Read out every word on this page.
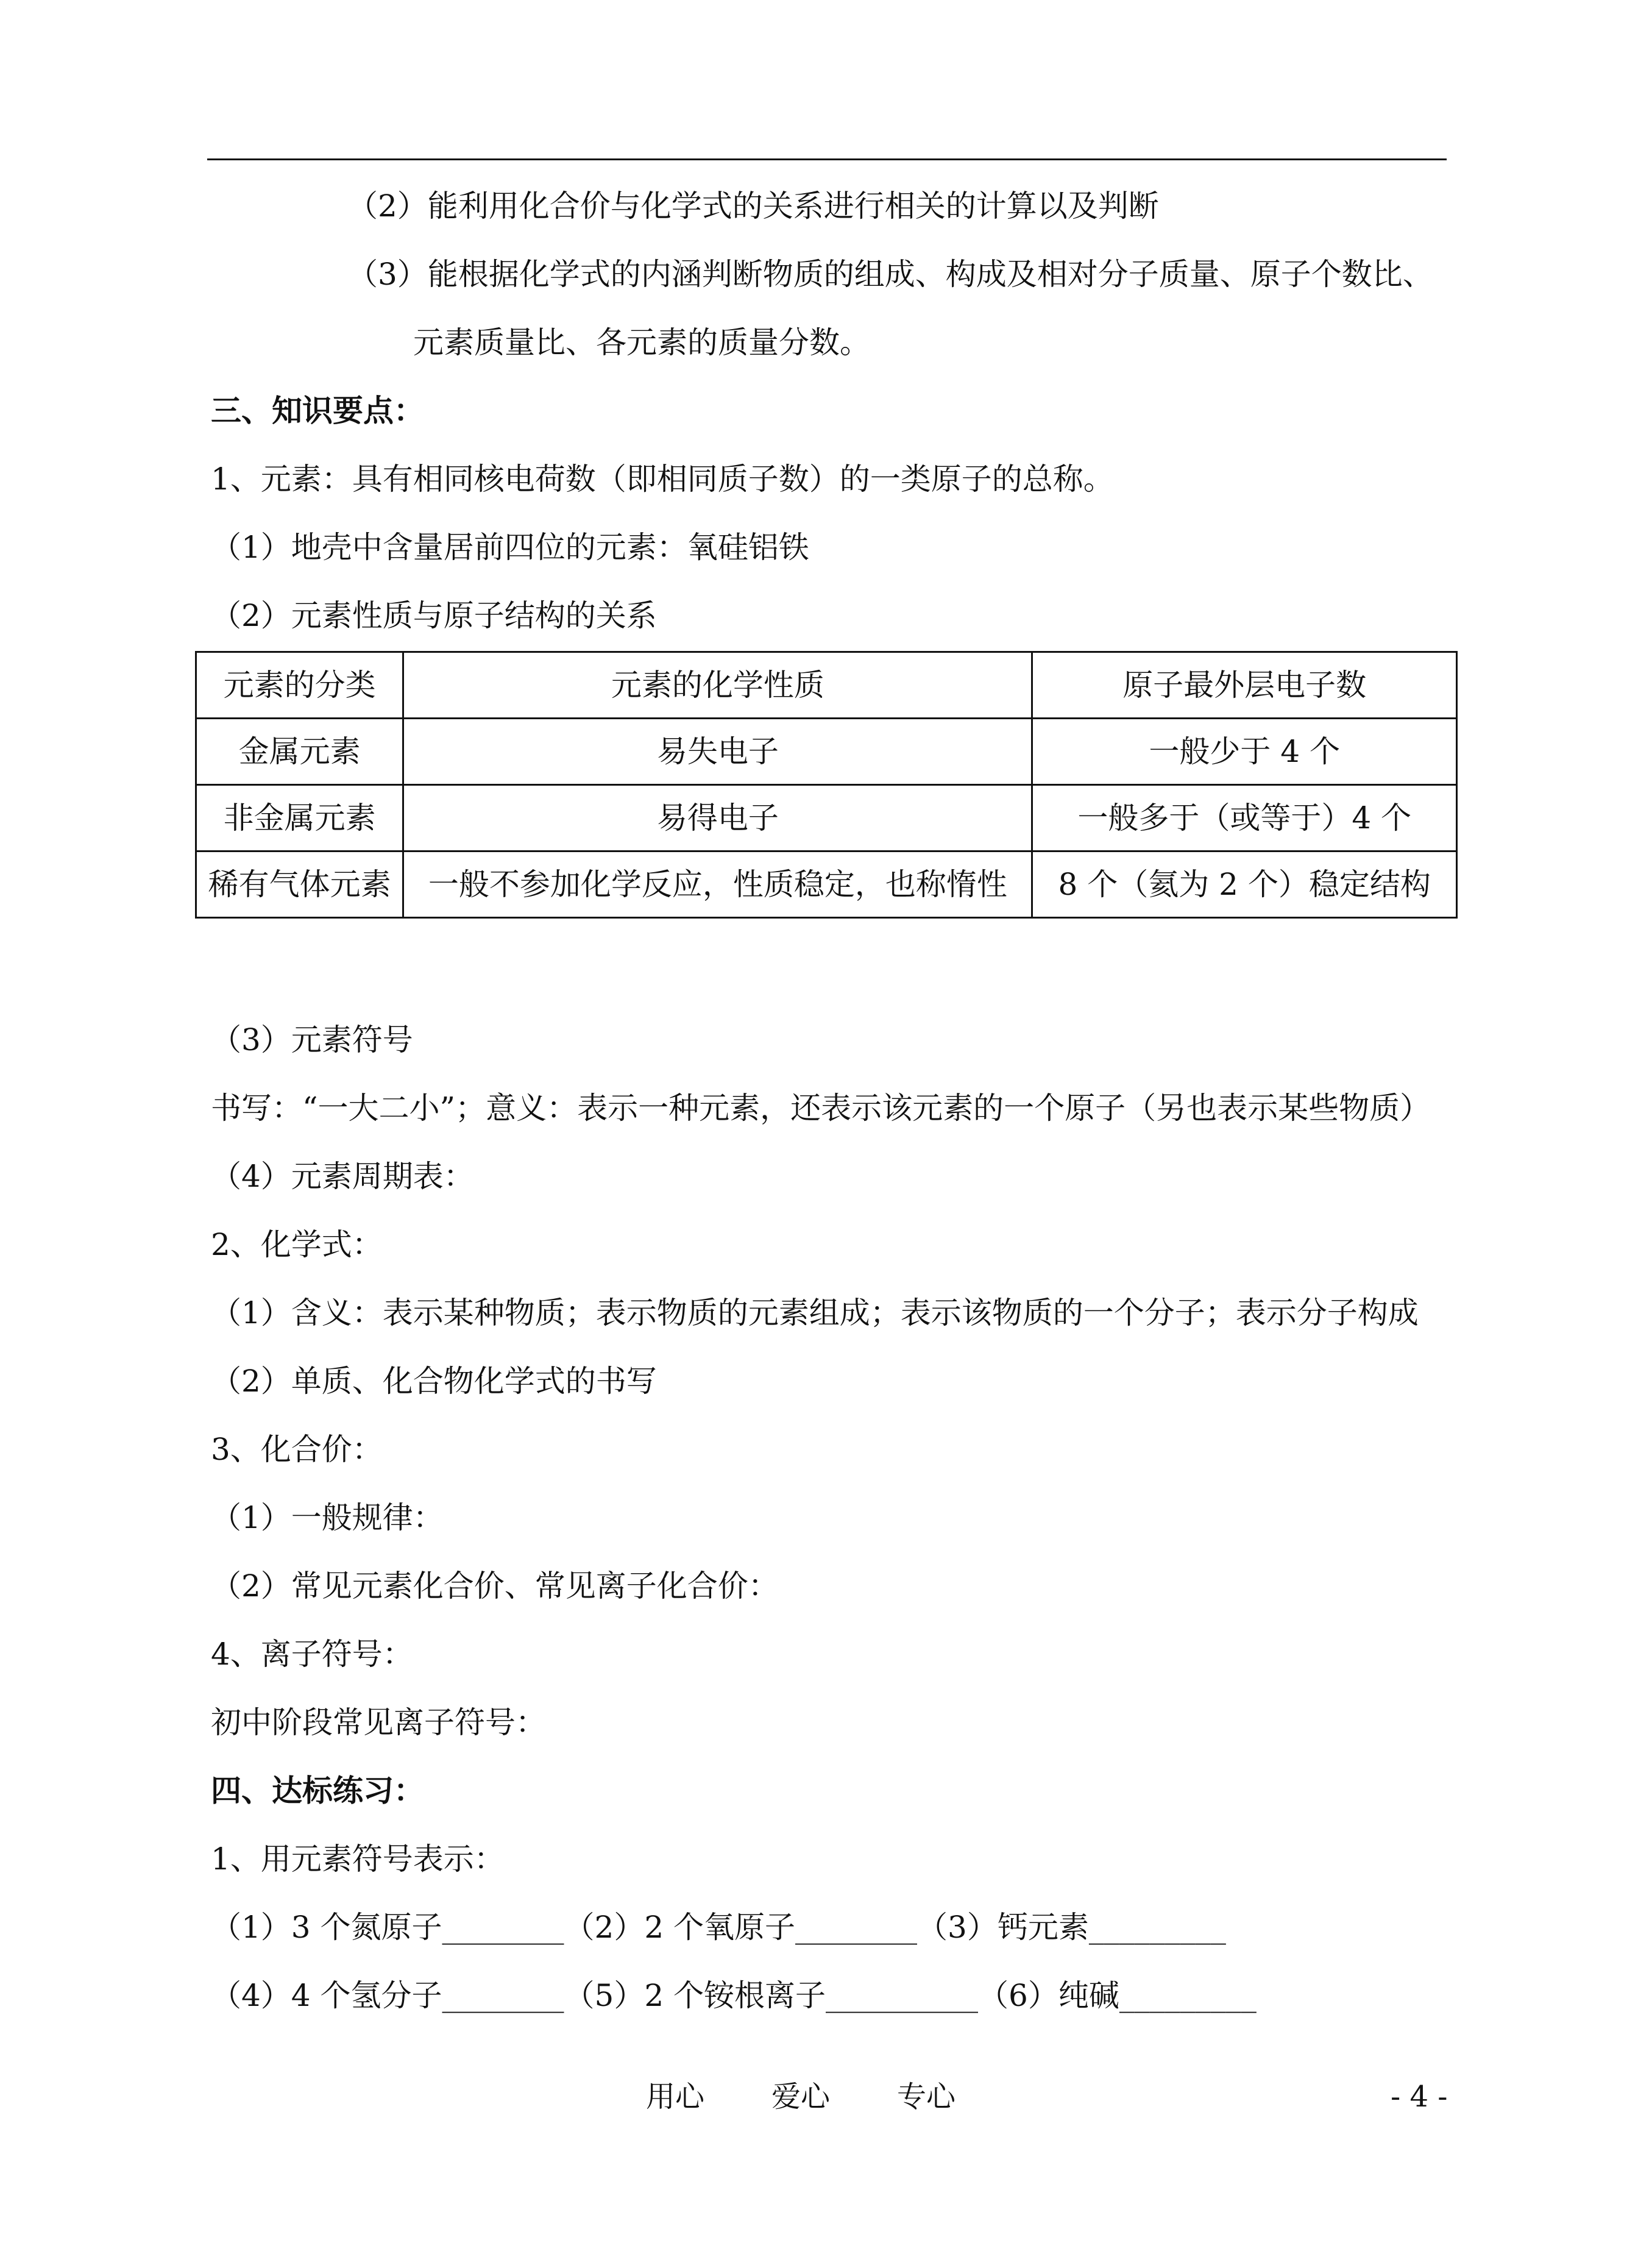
（2）能利用化合价与化学式的关系进行相关的计算以及判断
（3）能根据化学式的内涵判断物质的组成、构成及相对分子质量、原子个数比、
元素质量比、各元素的质量分数。
三、知识要点：
1、元素：具有相同核电荷数（即相同质子数）的一类原子的总称。
（1）地壳中含量居前四位的元素：氧硅铝铁
（2）元素性质与原子结构的关系
元素的分类	元素的化学性质	原子最外层电子数
金属元素	易失电子	一般少于 4 个
非金属元素	易得电子	一般多于（或等于）4 个
稀有气体元素	一般不参加化学反应，性质稳定，也称惰性	8 个（氦为 2 个）稳定结构
（3）元素符号
书写：“一大二小”；意义：表示一种元素，还表示该元素的一个原子（另也表示某些物质）
（4）元素周期表：
2、化学式：
（1）含义：表示某种物质；表示物质的元素组成；表示该物质的一个分子；表示分子构成
（2）单质、化合物化学式的书写
3、化合价：
（1）一般规律：
（2）常见元素化合价、常见离子化合价：
4、离子符号：
初中阶段常见离子符号：
四、达标练习：
1、用元素符号表示：
（1）3 个氮原子________（2）2 个氧原子________（3）钙元素_________
（4）4 个氢分子________（5）2 个铵根离子__________（6）纯碱_________
用心 爱心 专心	- 4 -
